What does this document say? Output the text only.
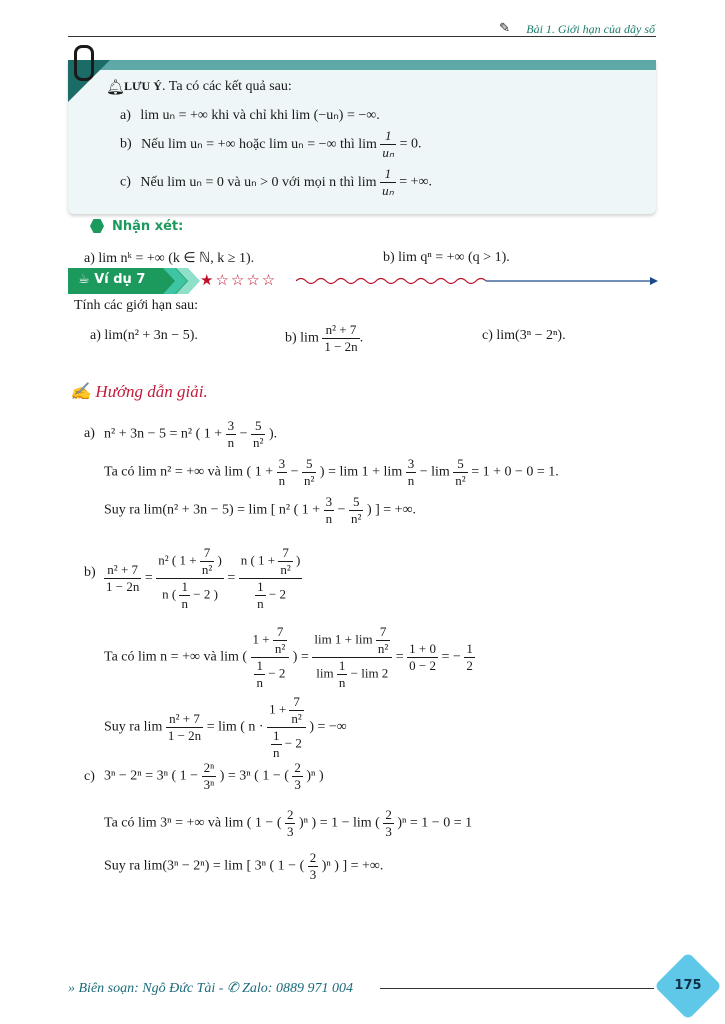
✎ Bài 1. Giới hạn của dãy số
🔔︎
LƯU Ý . Ta có các kết quả sau:
a) lim uₙ = +∞ khi và chỉ khi lim (−uₙ) = −∞.
b) Nếu lim uₙ = +∞ hoặc lim uₙ = −∞ thì $\lim \frac{1}{\text{uₙ}} = 0$.
c) Nếu lim uₙ = 0 và uₙ > 0 với mọi n thì $\lim \frac{1}{\text{uₙ}}$ = +∞.
Nhận xét:
a) lim nᵏ = +∞ (k ∈ ℕ, k ≥ 1).	b) lim qⁿ = +∞ (q > 1).
☕ Ví dụ 7	★☆☆☆☆
Tính các giới hạn sau:
a) lim(n² + 3n − 5).	b) $\lim \frac{\text{n² + 7}}{1 - 2n}$ .	c) lim(3ⁿ − 2ⁿ).
✍ Hướng dẫn giải.
a) n² + 3n − 5 = n² ( $1 + \frac{3}{n} - \frac{5}{\text{n²}}$ ).
Ta có lim n² = +∞ và lim ( $1 + \frac{3}{n} - \frac{5}{\text{n²}}$ ) = $\lim 1 + \lim \frac{3}{n} - \lim \frac{5}{\text{n²}} = 1 + 0 - 0 = 1$.
Suy ra lim(n² + 3n − 5) = lim [ n² ( $1 + \frac{3}{n} - \frac{5}{\text{n²}}$ ) ] = +∞.
$b) \frac{\text{n² + 7}}{1 - 2n} = \frac{n^2 ( 1 + \frac{7}{\text{n²}} )}{n ( \frac{1}{n} - 2 )} = \frac{n ( 1 + \frac{7}{\text{n²}} )}{\frac{1}{n} - 2}$
Ta có lim n = +∞ và lim ( $\frac{1 + \frac{7}{\text{n²}}}{\frac{1}{n} - 2}$ ) = $\frac{\lim 1 + \lim \frac{7}{\text{n²}}}{\lim \frac{1}{n} - \lim 2} = \frac{1 + 0}{0 - 2}$ = − $\frac{1}{2}$
Suy ra $\lim \frac{\text{n² + 7}}{1 - 2n} = \lim$ ( $n \cdot \frac{1 + \frac{7}{\text{n²}}}{\frac{1}{n} - 2}$ ) = −∞
c) 3ⁿ − 2ⁿ = 3ⁿ ( $1 - \frac{\text{2ⁿ}}{\text{3ⁿ}}$ ) = 3ⁿ ( 1 − ( $\frac{2}{3} )^n$ )
Ta có lim 3ⁿ = +∞ và lim ( 1 − ( $\frac{2}{3} )^n$ ) = 1 − lim ( $\frac{2}{3} )^n = 1 - 0 = 1$
Suy ra lim(3ⁿ − 2ⁿ) = lim [ 3ⁿ ( 1 − ( $\frac{2}{3} )^n$ ) ] = +∞.
» Biên soạn: Ngô Đức Tài - ✆ Zalo: 0889 971 004	175
